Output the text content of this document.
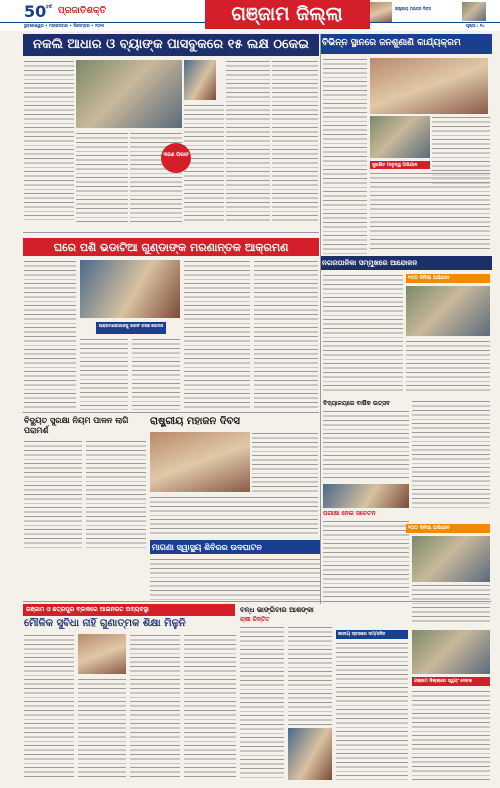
50 ବର୍ଷ ପ୍ରଜାତିଶକ୍ତି
ଭୁବନେଶ୍ୱର • ମଙ୍ଗଳବାର • ଡିସେମ୍ବର • ୨୦୨୫	ପୃଷ୍ଠା : ୧୪
ଗଞ୍ଜାମ ଜିଲ୍ଲା	ରାଷ୍ଟ୍ରୀୟ ମହାଜନ ଦିବସ
ନକଲି ଆଧାର ଓ ବ୍ୟାଙ୍କ ପାସବୁକରେ ୧୫ ଲକ୍ଷ ଠକେଇ
୩ଜଣ ଗିରଫ
ବିଭିନ୍ନ ସ୍ଥାନରେ ଜନଶୁଣାଣି କାର୍ଯ୍ୟକ୍ରମ
ସୁରକ୍ଷିତ ମାତୃତ୍ୱ ଅଭିଯାନ
ଘରେ ପଶି ଭଡାଟିଆ ଗୁଣ୍ଡାଙ୍କ ମରଣାନ୍ତକ ଆକ୍ରମଣ
ଆକ୍ରମଣକାରୀଙ୍କୁ ଗିରଫ କରିଛି ପୋଲିସ
ନଗରପାଳିକା ସମ୍ମୁଖରେ ଆନ୍ଦୋଳନ
୧୦୦ ଦିନିଆ ଅଭିଯାନ
ବିଦ୍ୟୁତ ସୁରକ୍ଷା ନିୟମ ପାଳନ ଲାଗି ପରାମର୍ଶ
ରାଷ୍ଟ୍ରୀୟ ମହାଜନ ଦିବସ
ମାଗଣା ସ୍ୱାସ୍ଥ୍ୟ ଶିବିରର ଉଦଘାଟନ
ବିଦ୍ୟାଳୟରେ ବାର୍ଷିକ ଉତ୍ସବ
ପରୀକ୍ଷା ନେଇ ସଚେତନ
୧୦୦ ଦିନିଆ ଅଭିଯାନ
ଗଞ୍ଜାମ ଓ ଛତ୍ରପୁର ବ୍ଲକରେ ଆଇନଗତ ଅବ୍ୟବସ୍ଥା
ମୌଳିକ ସୁବିଧା ନାହିଁ ଗୁଣାତ୍ମକ ଶିକ୍ଷା ମିଳୁନି
ବନ୍ଧ ଭାଙ୍ଗିବାର ଆଶଙ୍କା
ଚାଷୀ ଚିନ୍ତିତ
ଜାତୀୟ ସ୍ତରରେ ସମ୍ମାନିତ
ଗଞ୍ଜାମ ଜିଲ୍ଲାରେ ସ୍ୱୟଂ ସେବକ
